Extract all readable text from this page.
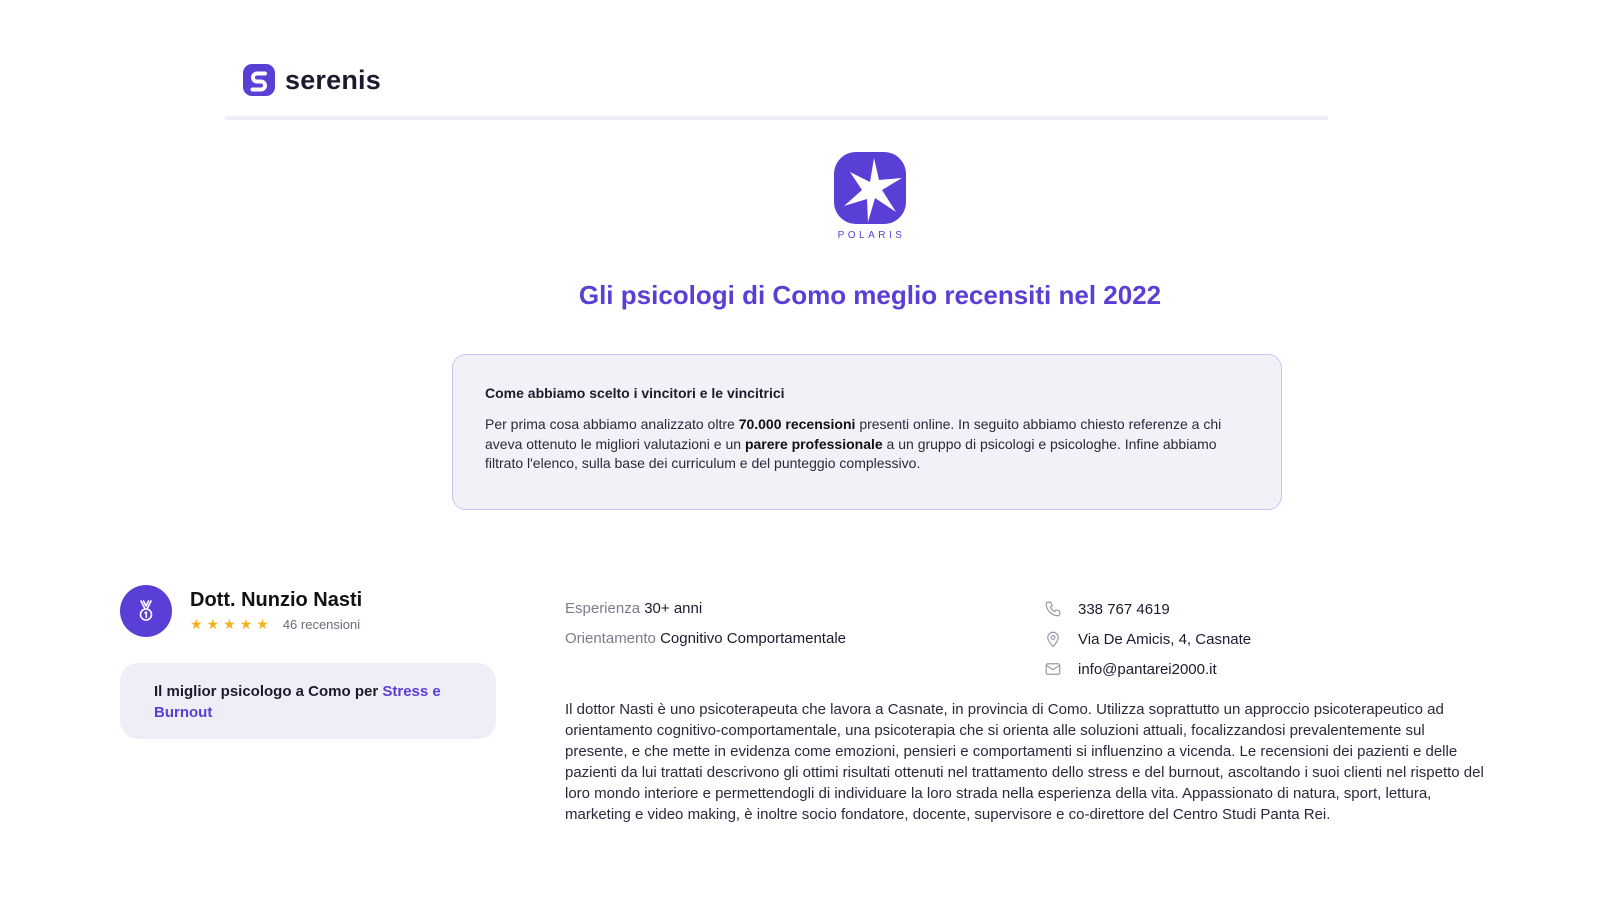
serenis
POLARIS
Gli psicologi di Como meglio recensiti nel 2022
Come abbiamo scelto i vincitori e le vincitrici
Per prima cosa abbiamo analizzato oltre 70.000 recensioni presenti online. In seguito abbiamo chiesto referenze a chi aveva ottenuto le migliori valutazioni e un parere professionale a un gruppo di psicologi e psicologhe. Infine abbiamo filtrato l'elenco, sulla base dei curriculum e del punteggio complessivo.
Dott. Nunzio Nasti
★ ★ ★ ★ ★ 46 recensioni
Il miglior psicologo a Como per Stress e Burnout
Esperienza 30+ anni
Orientamento Cognitivo Comportamentale
338 767 4619
Via De Amicis, 4, Casnate
info@pantarei2000.it

Il dottor Nasti è uno psicoterapeuta che lavora a Casnate, in provincia di Como. Utilizza soprattutto un approccio psicoterapeutico ad orientamento cognitivo-comportamentale, una psicoterapia che si orienta alle soluzioni attuali, focalizzandosi prevalentemente sul presente, e che mette in evidenza come emozioni, pensieri e comportamenti si influenzino a vicenda. Le recensioni dei pazienti e delle pazienti da lui trattati descrivono gli ottimi risultati ottenuti nel trattamento dello stress e del burnout, ascoltando i suoi clienti nel rispetto del loro mondo interiore e permettendogli di individuare la loro strada nella esperienza della vita. Appassionato di natura, sport, lettura, marketing e video making, è inoltre socio fondatore, docente, supervisore e co-direttore del Centro Studi Panta Rei.
